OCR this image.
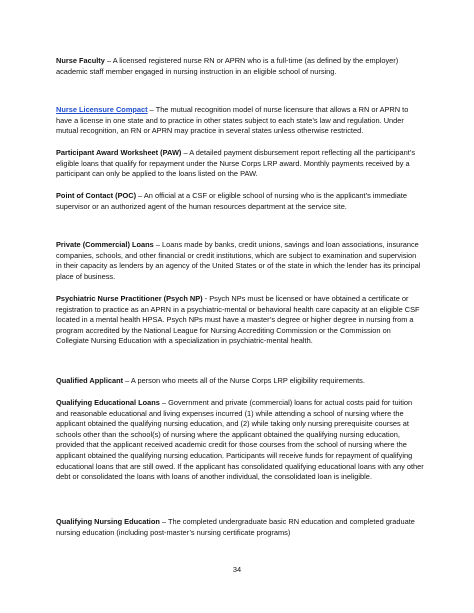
Nurse Faculty – A licensed registered nurse RN or APRN who is a full-time (as defined by the employer) academic staff member engaged in nursing instruction in an eligible school of nursing.

Nurse Licensure Compact – The mutual recognition model of nurse licensure that allows a RN or APRN to have a license in one state and to practice in other states subject to each state’s law and regulation. Under mutual recognition, an RN or APRN may practice in several states unless otherwise restricted.

Participant Award Worksheet (PAW) – A detailed payment disbursement report reflecting all the participant’s eligible loans that qualify for repayment under the Nurse Corps LRP award. Monthly payments received by a participant can only be applied to the loans listed on the PAW.

Point of Contact (POC) – An official at a CSF or eligible school of nursing who is the applicant’s immediate supervisor or an authorized agent of the human resources department at the service site.

Private (Commercial) Loans – Loans made by banks, credit unions, savings and loan associations, insurance companies, schools, and other financial or credit institutions, which are subject to examination and supervision in their capacity as lenders by an agency of the United States or of the state in which the lender has its principal place of business.

Psychiatric Nurse Practitioner (Psych NP) - Psych NPs must be licensed or have obtained a certificate or registration to practice as an APRN in a psychiatric-mental or behavioral health care capacity at an eligible CSF located in a mental health HPSA. Psych NPs must have a master’s degree or higher degree in nursing from a program accredited by the National League for Nursing Accrediting Commission or the Commission on Collegiate Nursing Education with a specialization in psychiatric-mental health.

Qualified Applicant – A person who meets all of the Nurse Corps LRP eligibility requirements.

Qualifying Educational Loans – Government and private (commercial) loans for actual costs paid for tuition and reasonable educational and living expenses incurred (1) while attending a school of nursing where the applicant obtained the qualifying nursing education, and (2) while taking only nursing prerequisite courses at schools other than the school(s) of nursing where the applicant obtained the qualifying nursing education, provided that the applicant received academic credit for those courses from the school of nursing where the applicant obtained the qualifying nursing education. Participants will receive funds for repayment of qualifying educational loans that are still owed. If the applicant has consolidated qualifying educational loans with any other debt or consolidated the loans with loans of another individual, the consolidated loan is ineligible.

Qualifying Nursing Education – The completed undergraduate basic RN education and completed graduate nursing education (including post-master’s nursing certificate programs)

34
